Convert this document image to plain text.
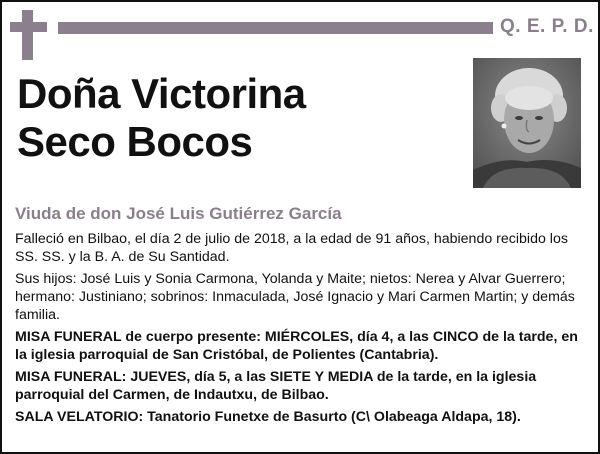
Q. E. P. D.
Doña Victorina
Seco Bocos
Viuda de don José Luis Gutiérrez García

Falleció en Bilbao, el día 2 de julio de 2018, a la edad de 91 años, habiendo recibido los SS. SS. y la B. A. de Su Santidad.

Sus hijos: José Luis y Sonia Carmona, Yolanda y Maite; nietos: Nerea y Alvar Guerrero; hermano: Justiniano; sobrinos: Inmaculada, José Ignacio y Mari Carmen Martin; y demás familia.

MISA FUNERAL de cuerpo presente: MIÉRCOLES, día 4, a las CINCO de la tarde, en la iglesia parroquial de San Cristóbal, de Polientes (Cantabria).

MISA FUNERAL: JUEVES, día 5, a las SIETE Y MEDIA de la tarde, en la iglesia parroquial del Carmen, de Indautxu, de Bilbao.

SALA VELATORIO: Tanatorio Funetxe de Basurto (C\ Olabeaga Aldapa, 18).
